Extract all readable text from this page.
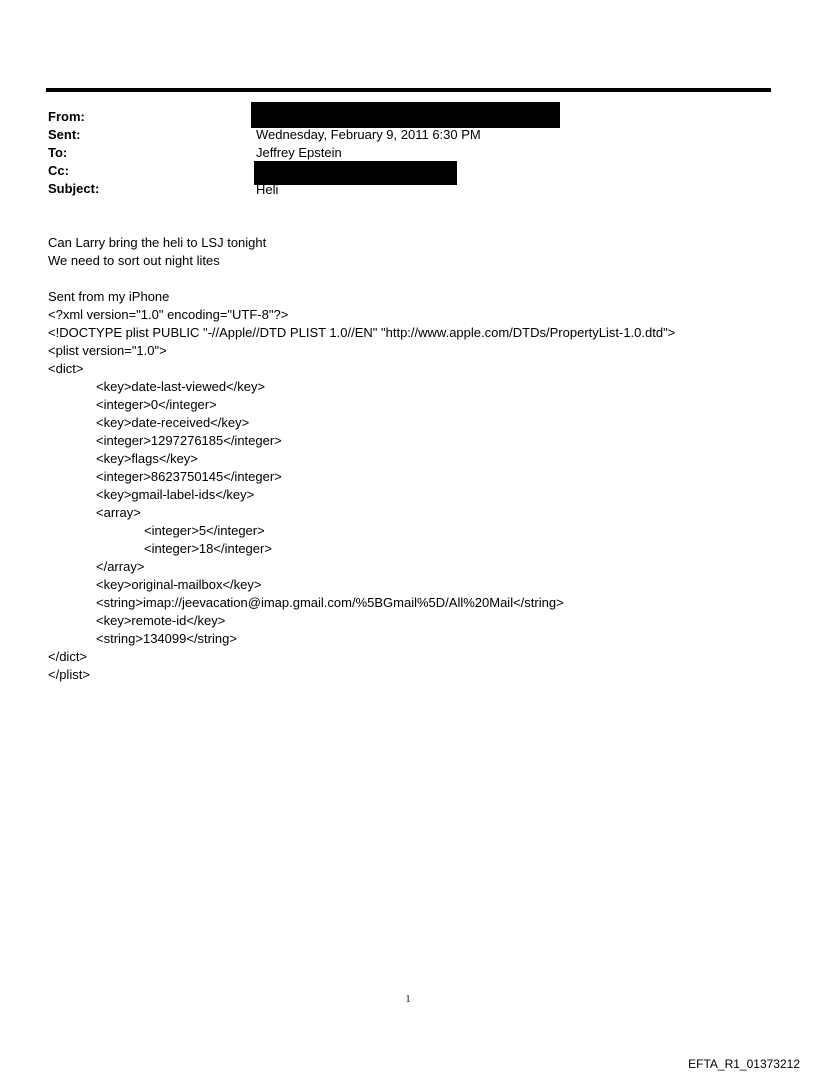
From:
Sent:	Wednesday, February 9, 2011 6:30 PM
To:	Jeffrey Epstein
Cc:
Subject:	Heli
Can Larry bring the heli to LSJ tonight
We need to sort out night lites
Sent from my iPhone
<?xml version="1.0" encoding="UTF-8"?>
<!DOCTYPE plist PUBLIC "-//Apple//DTD PLIST 1.0//EN" "http://www.apple.com/DTDs/PropertyList-1.0.dtd">
<plist version="1.0">
<dict>
<key>date-last-viewed</key>
<integer>0</integer>
<key>date-received</key>
<integer>1297276185</integer>
<key>flags</key>
<integer>8623750145</integer>
<key>gmail-label-ids</key>
<array>
<integer>5</integer>
<integer>18</integer>
</array>
<key>original-mailbox</key>
<string>imap://jeevacation@imap.gmail.com/%5BGmail%5D/All%20Mail</string>
<key>remote-id</key>
<string>134099</string>
</dict>
</plist>
1
EFTA_R1_01373212
